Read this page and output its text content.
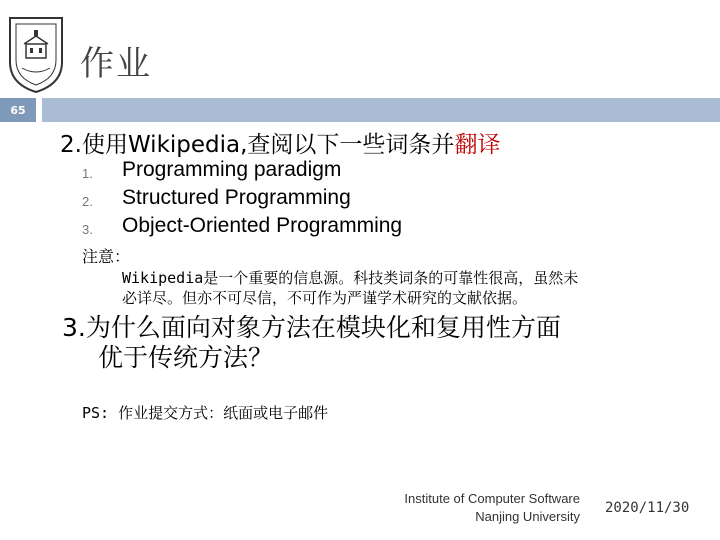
作业
65
2.使用Wikipedia,查阅以下一些词条并翻译
1. Programming paradigm
2. Structured Programming
3. Object-Oriented Programming
注意：
Wikipedia是一个重要的信息源。科技类词条的可靠性很高，虽然未
必详尽。但亦不可尽信，不可作为严谨学术研究的文献依据。
3.为什么面向对象方法在模块化和复用性方面
优于传统方法？
PS: 作业提交方式：纸面或电子邮件
Institute of Computer Software
Nanjing University
2020/11/30
